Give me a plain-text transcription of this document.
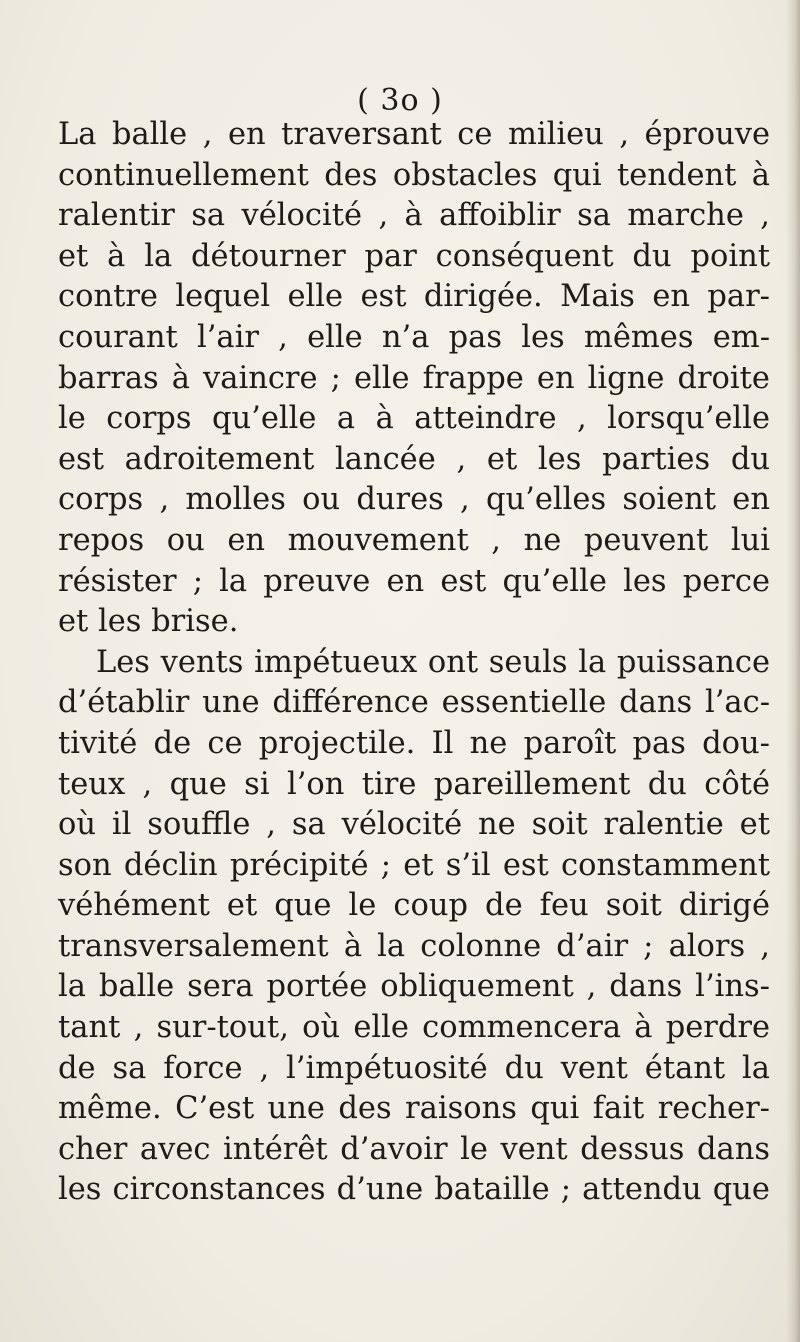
( 3o )
La balle , en traversant ce milieu , éprouve
continuellement des obstacles qui tendent à
ralentir sa vélocité , à affoiblir sa marche ,
et à la détourner par conséquent du point
contre lequel elle est dirigée. Mais en par-
courant l’air , elle n’a pas les mêmes em-
barras à vaincre ; elle frappe en ligne droite
le corps qu’elle a à atteindre , lorsqu’elle
est adroitement lancée , et les parties du
corps , molles ou dures , qu’elles soient en
repos ou en mouvement , ne peuvent lui
résister ; la preuve en est qu’elle les perce
et les brise.
Les vents impétueux ont seuls la puissance
d’établir une différence essentielle dans l’ac-
tivité de ce projectile. Il ne paroît pas dou-
teux , que si l’on tire pareillement du côté
où il souffle , sa vélocité ne soit ralentie et
son déclin précipité ; et s’il est constamment
véhément et que le coup de feu soit dirigé
transversalement à la colonne d’air ; alors ,
la balle sera portée obliquement , dans l’ins-
tant , sur-tout, où elle commencera à perdre
de sa force , l’impétuosité du vent étant la
même. C’est une des raisons qui fait recher-
cher avec intérêt d’avoir le vent dessus dans
les circonstances d’une bataille ; attendu que
